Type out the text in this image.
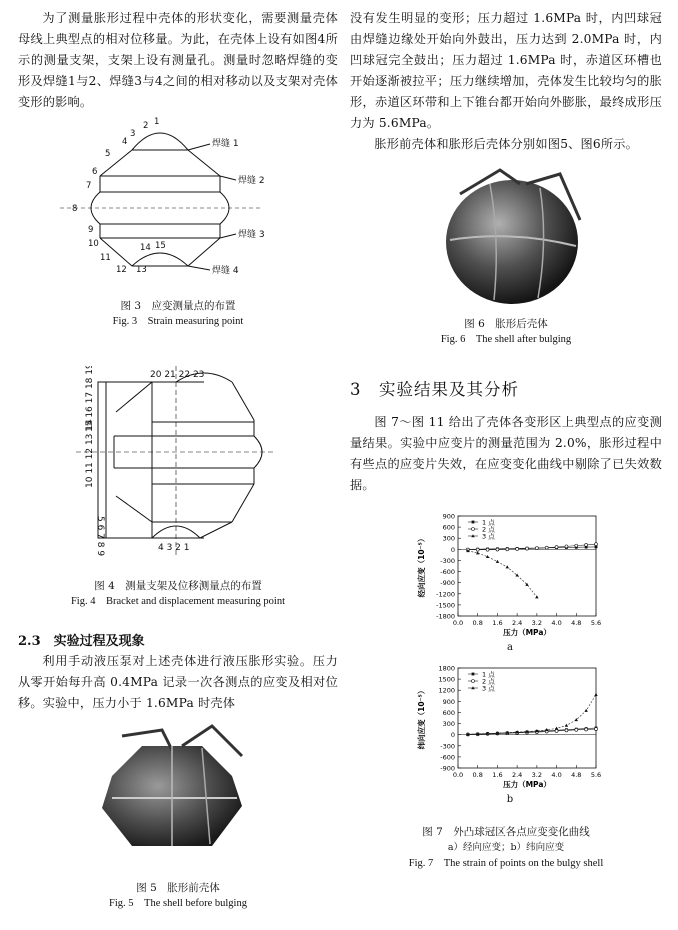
为了测量胀形过程中壳体的形状变化，需要测量壳体母线上典型点的相对位移量。为此，在壳体上设有如图4所示的测量支架，支架上设有测量孔。测量时忽略焊缝的变形及焊缝1与2、焊缝3与4之间的相对移动以及支架对壳体变形的影响。

1
2
3
4
5
6
7
8
9
10
11
12 13
14 15
焊缝 1
焊缝 2
焊缝 3
焊缝 4

图 3　应变测量点的布置

Fig. 3　Strain measuring point

20 21 22 23
4 3 2 1
15 16 17 18 19
10 11 12 13 14
5 6 7 8 9

图 4　测量支架及位移测量点的布置

Fig. 4　Bracket and displacement measuring point

2.3　实验过程及现象

利用手动液压泵对上述壳体进行液压胀形实验。压力从零开始每升高 0.4MPa 记录一次各测点的应变及相对位移。实验中，压力小于 1.6MPa 时壳体

图 5　胀形前壳体

Fig. 5　The shell before bulging

没有发生明显的变形；压力超过 1.6MPa 时，内凹球冠由焊缝边缘处开始向外鼓出，压力达到 2.0MPa 时，内凹球冠完全鼓出；压力超过 1.6MPa 时，赤道区环槽也开始逐渐被拉平；压力继续增加，壳体发生比较均匀的胀形，赤道区环带和上下锥台都开始向外膨胀，最终成形压力为 5.6MPa。

胀形前壳体和胀形后壳体分别如图5、图6所示。

图 6　胀形后壳体

Fig. 6　The shell after bulging

3　实验结果及其分析

图 7～图 11 给出了壳体各变形区上典型点的应变测量结果。实验中应变片的测量范围为 2.0%，胀形过程中有些点的应变片失效，在应变变化曲线中剔除了已失效数据。

900
600
300
0
-300
-600
-900
-1200
-1500
-1800
0.0 0.8 1.6 2.4 3.2 4.0 4.8 5.6
压力（MPa）
经向应变（10⁻⁵）
1 点
2 点
3 点
a
1800
1500
1200
900
600
300
0
-300
-600
-900
0.0 0.8 1.6 2.4 3.2 4.0 4.8 5.6
压力（MPa）
纬向应变（10⁻⁵）
1 点
2 点
3 点
b

图 7　外凸球冠区各点应变变化曲线

a）经向应变；b）纬向应变

Fig. 7　The strain of points on the bulgy shell
